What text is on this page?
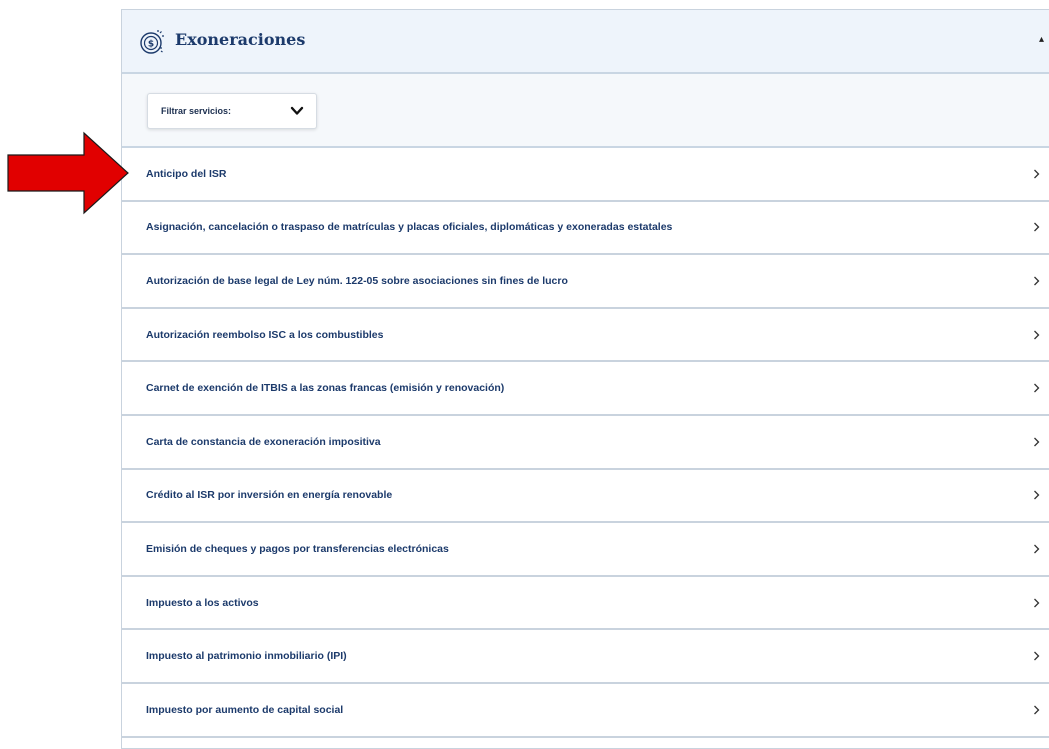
$ Exoneraciones	▴
Filtrar servicios:
Anticipo del ISR
Asignación, cancelación o traspaso de matrículas y placas oficiales, diplomáticas y exoneradas estatales
Autorización de base legal de Ley núm. 122-05 sobre asociaciones sin fines de lucro
Autorización reembolso ISC a los combustibles
Carnet de exención de ITBIS a las zonas francas (emisión y renovación)
Carta de constancia de exoneración impositiva
Crédito al ISR por inversión en energía renovable
Emisión de cheques y pagos por transferencias electrónicas
Impuesto a los activos
Impuesto al patrimonio inmobiliario (IPI)
Impuesto por aumento de capital social
